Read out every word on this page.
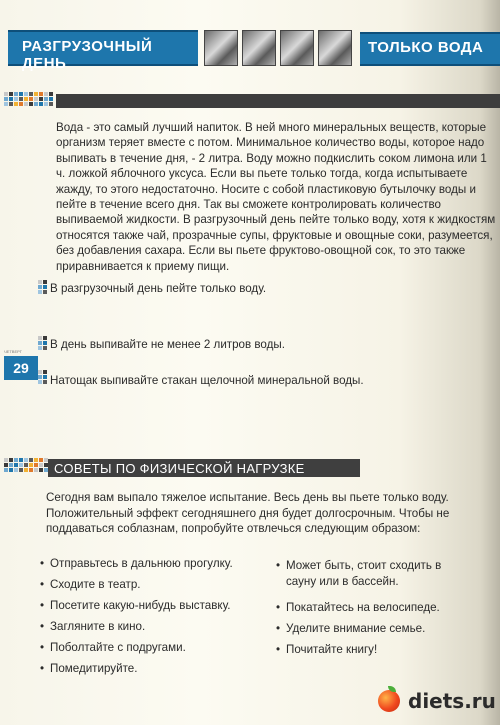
РАЗГРУЗОЧНЫЙ ДЕНЬ
ТОЛЬКО ВОДА

Вода - это самый лучший напиток. В ней много минеральных веществ, которые организм теряет вместе с потом. Минимальное количество воды, которое надо выпивать в течение дня, - 2 литра. Воду можно подкислить соком лимона или 1 ч. ложкой яблочного уксуса. Если вы пьете только тогда, когда испытываете жажду, то этого недостаточно. Носите с собой пластиковую бутылочку воды и пейте в течение всего дня. Так вы сможете контролировать количество выпиваемой жидкости. В разгрузочный день пейте только воду, хотя к жидкостям относятся также чай, прозрачные супы, фруктовые и овощные соки, разумеется, без добавления сахара. Если вы пьете фруктово-овощной сок, то это также приравнивается к приему пищи.

В разгрузочный день пейте только воду.
В день выпивайте не менее 2 литров воды.
ЧЕТВЕРГ
29
Натощак выпивайте стакан щелочной минеральной воды.
СОВЕТЫ ПО ФИЗИЧЕСКОЙ НАГРУЗКЕ

Сегодня вам выпало тяжелое испытание. Весь день вы пьете только воду. Положительный эффект сегодняшнего дня будет долгосрочным. Чтобы не поддаваться соблазнам, попробуйте отвлечься следующим образом:

• Отправьтесь в дальнюю прогулку.
• Сходите в театр.
• Посетите какую-нибудь выставку.
• Загляните в кино.
• Поболтайте с подругами.
• Помедитируйте.
• Может быть, стоит сходить в сауну или в бассейн.
• Покатайтесь на велосипеде.
• Уделите внимание семье.
• Почитайте книгу!
diets.ru
